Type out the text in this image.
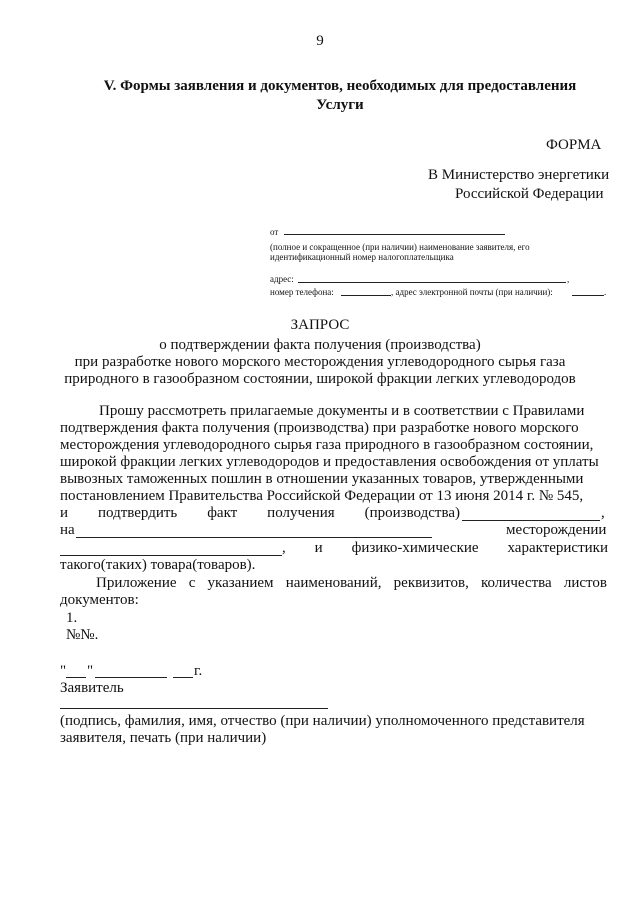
9
V. Формы заявления и документов, необходимых для предоставления
Услуги
ФОРМА
В Министерство энергетики
Российской Федерации
от
(полное и сокращенное (при наличии) наименование заявителя, его
идентификационный номер налогоплательщика
адрес:	,
номер телефона:	, адрес электронной почты (при наличии):	.
ЗАПРОС
о подтверждении факта получения (производства)
при разработке нового морского месторождения углеводородного сырья газа
природного в газообразном состоянии, широкой фракции легких углеводородов
Прошу рассмотреть прилагаемые документы и в соответствии с Правилами
подтверждения факта получения (производства) при разработке нового морского
месторождения углеводородного сырья газа природного в газообразном состоянии,
широкой фракции легких углеводородов и предоставления освобождения от уплаты
вывозных таможенных пошлин в отношении указанных товаров, утвержденными
постановлением Правительства Российской Федерации от 13 июня 2014 г. № 545,
и подтвердить факт получения (производства)	,
на	месторождении
, и физико-химические характеристики
такого(таких) товара(товаров).
Приложение с указанием наименований, реквизитов, количества листов
документов:
1.
№№.
" "	г.
Заявитель
(подпись, фамилия, имя, отчество (при наличии) уполномоченного представителя
заявителя, печать (при наличии)
